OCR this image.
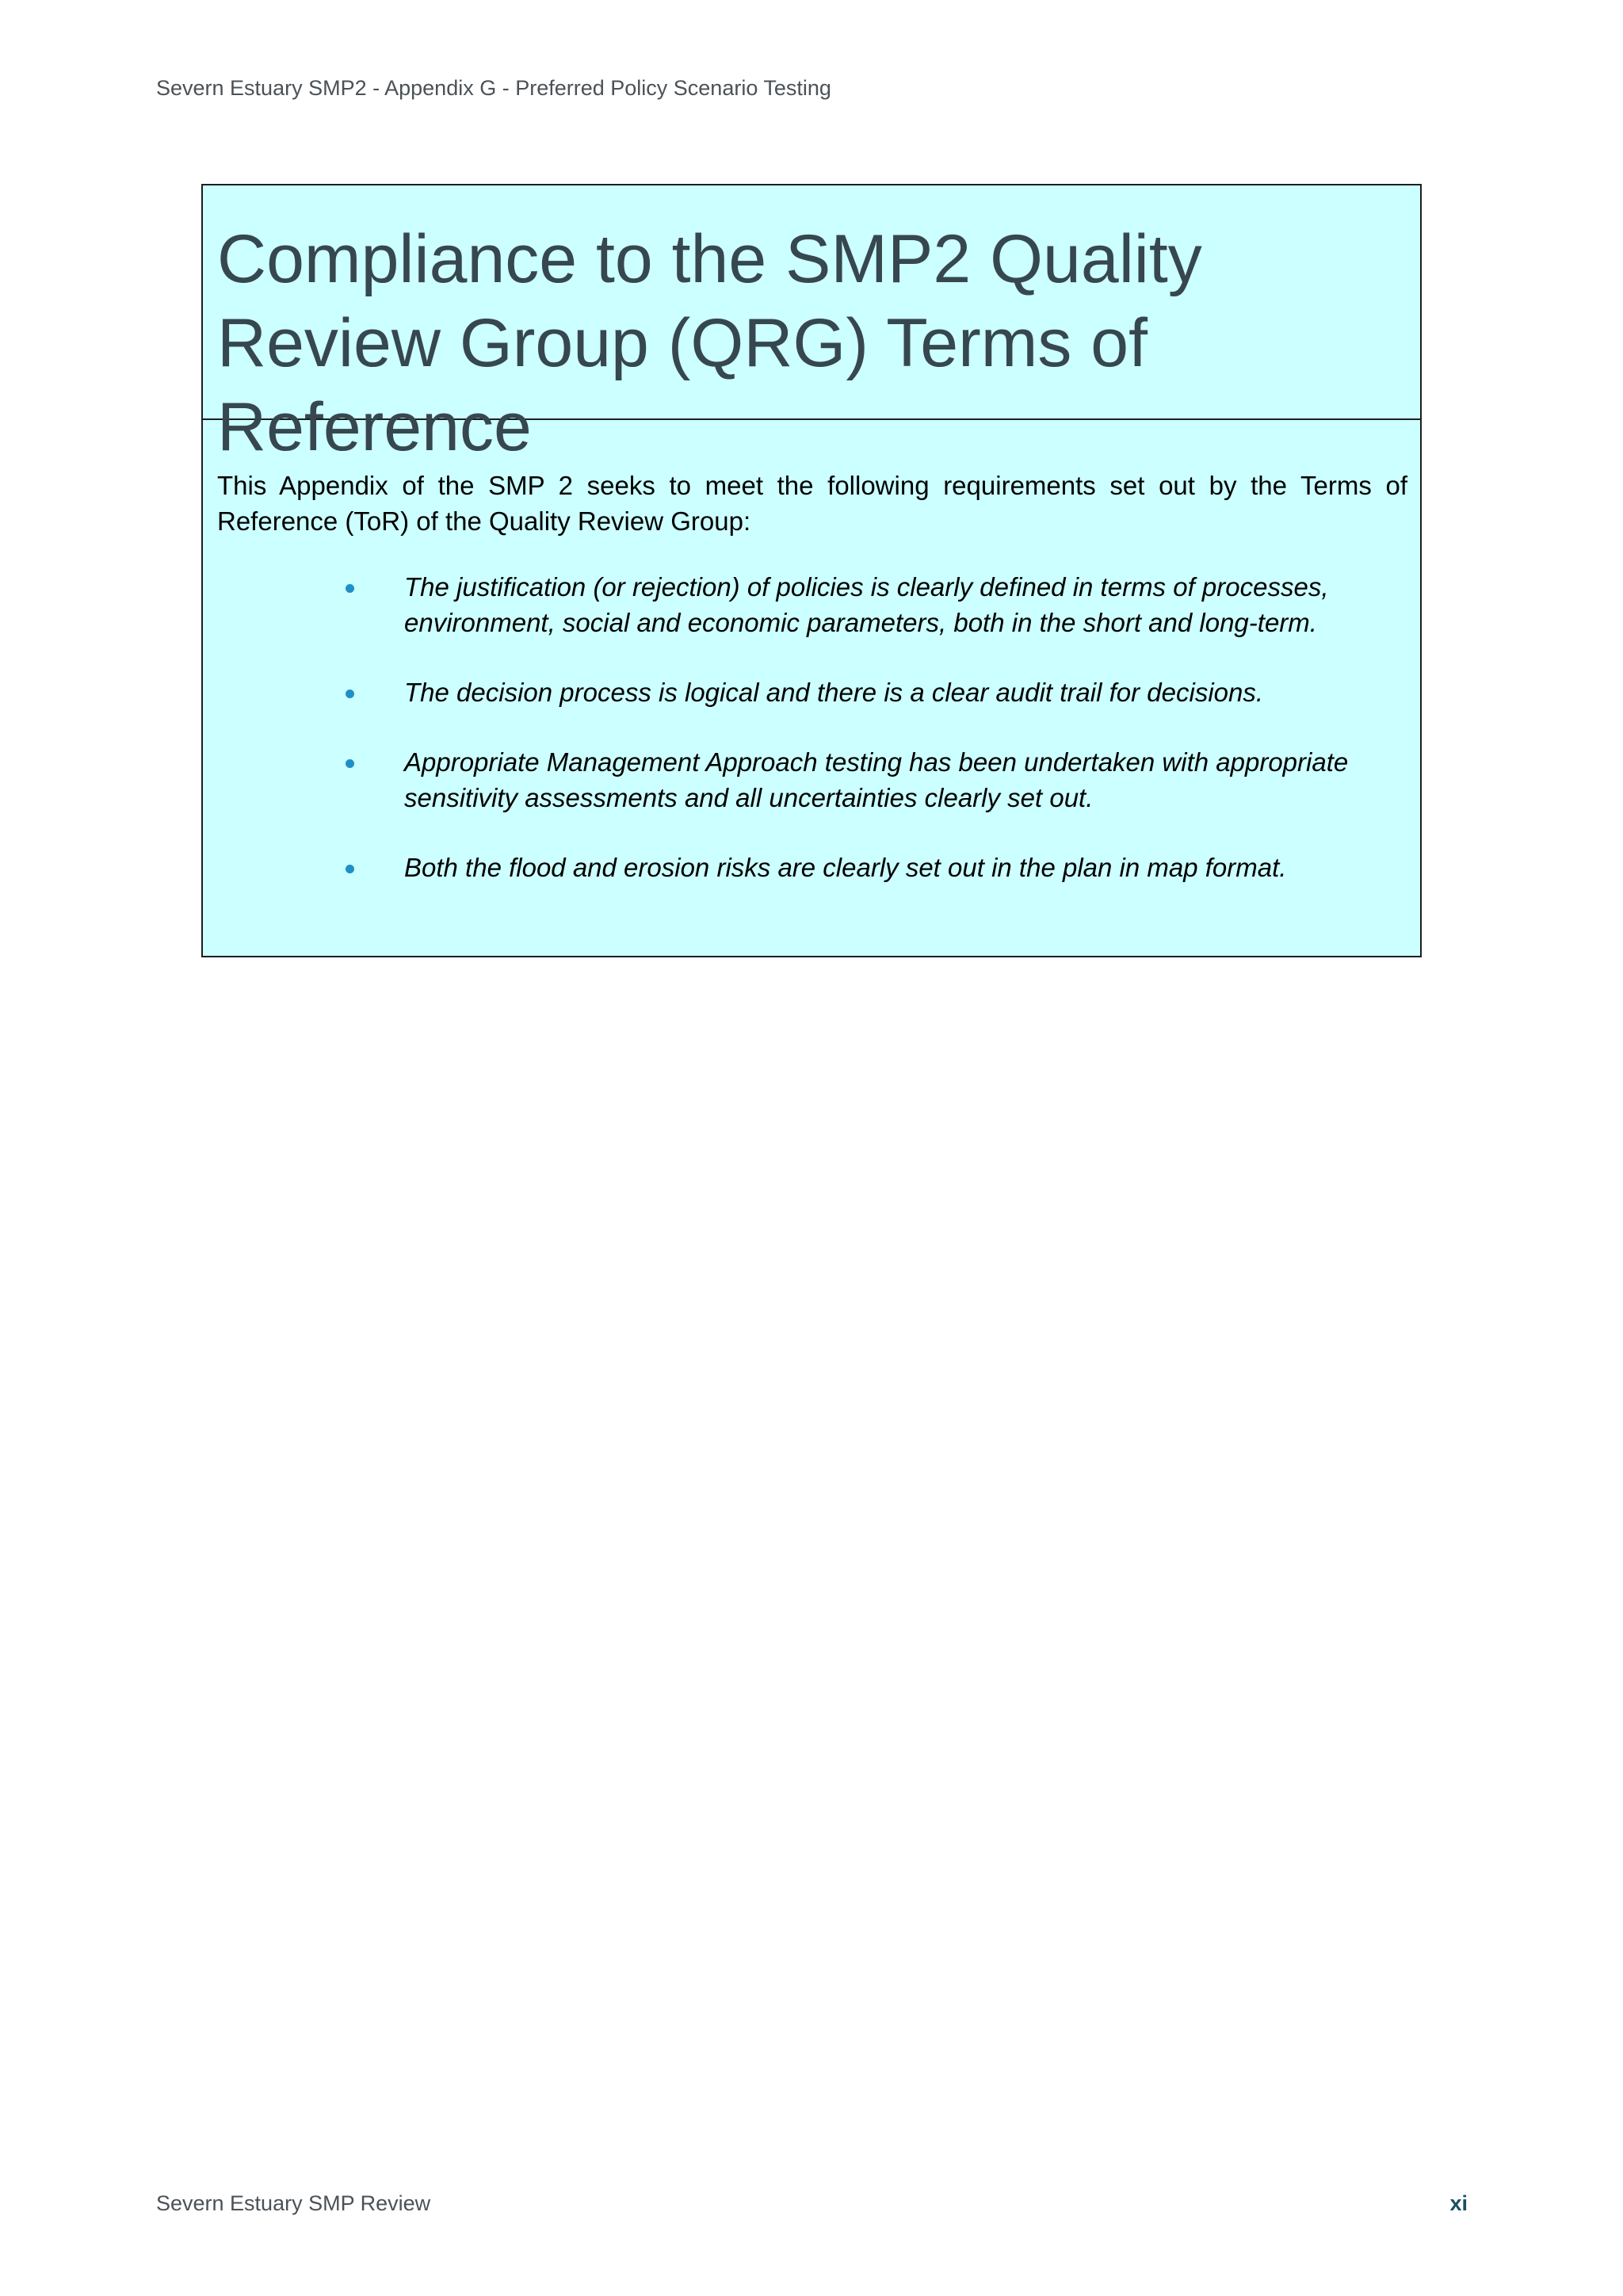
Severn Estuary SMP2 - Appendix G - Preferred Policy Scenario Testing
Compliance to the SMP2 Quality Review Group (QRG) Terms of Reference

This Appendix of the SMP 2 seeks to meet the following requirements set out by the Terms of Reference (ToR) of the Quality Review Group:

The justification (or rejection) of policies is clearly defined in terms of processes, environment, social and economic parameters, both in the short and long-term.
The decision process is logical and there is a clear audit trail for decisions.
Appropriate Management Approach testing has been undertaken with appropriate sensitivity assessments and all uncertainties clearly set out.
Both the flood and erosion risks are clearly set out in the plan in map format.
Severn Estuary SMP Review	xi
